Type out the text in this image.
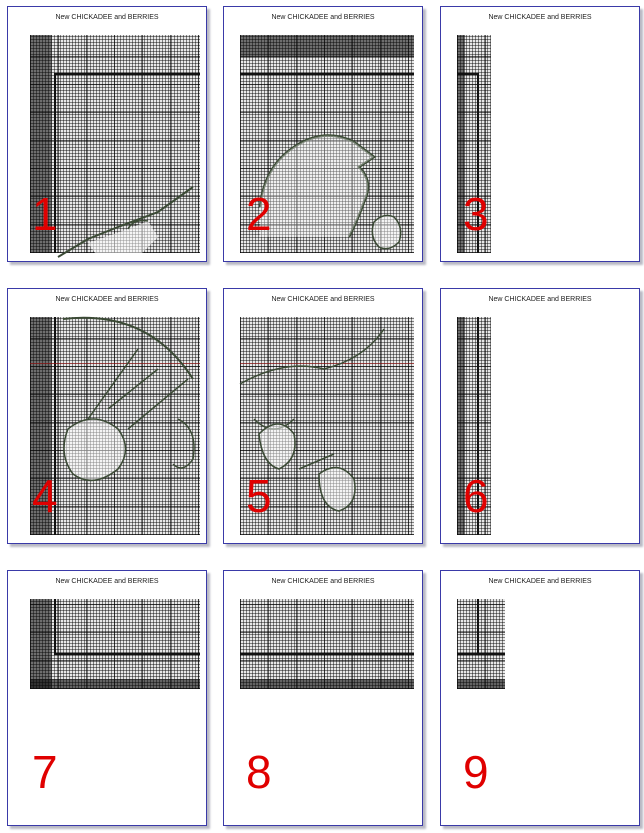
New CHICKADEE and BERRIES
1
New CHICKADEE and BERRIES
2
New CHICKADEE and BERRIES
3
New CHICKADEE and BERRIES
4
New CHICKADEE and BERRIES
5
New CHICKADEE and BERRIES
6
New CHICKADEE and BERRIES
7
New CHICKADEE and BERRIES
8
New CHICKADEE and BERRIES
9
